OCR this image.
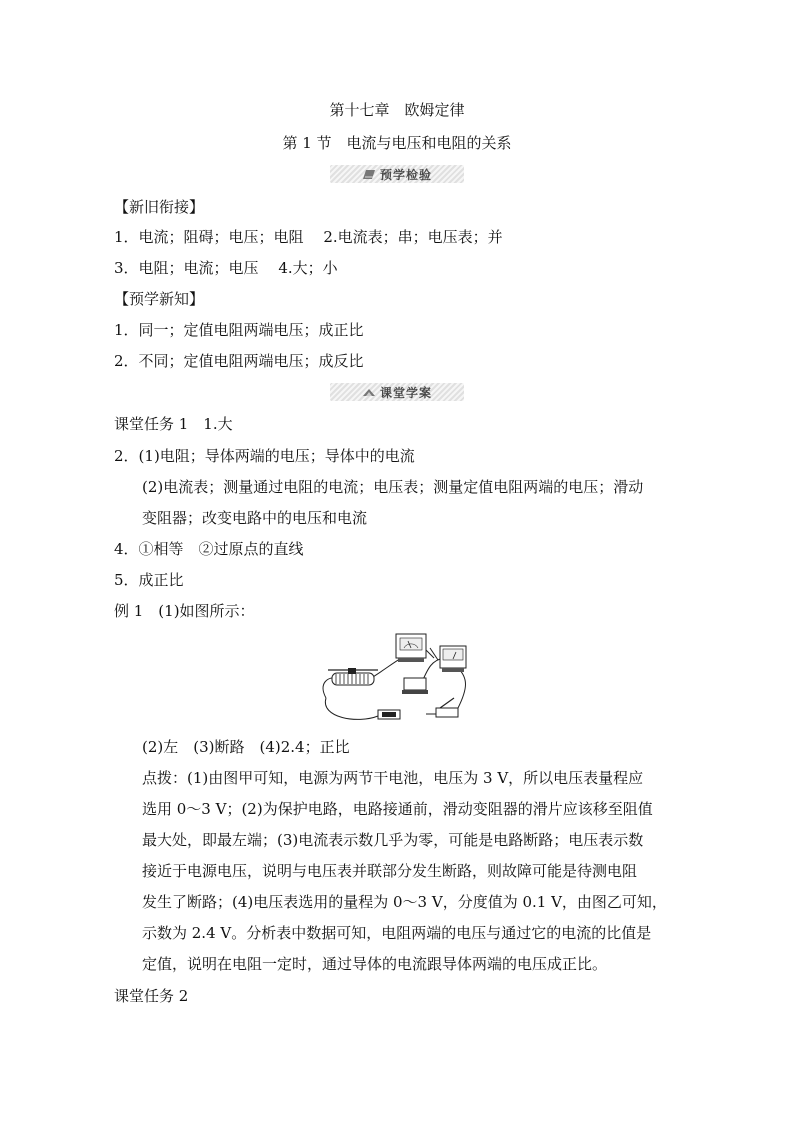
第十七章　欧姆定律
第 1 节　电流与电压和电阻的关系
预学检验
【新旧衔接】
1．电流；阻碍；电压；电阻　 2.电流表；串；电压表；并
3．电阻；电流；电压　 4.大；小
【预学新知】
1．同一；定值电阻两端电压；成正比
2．不同；定值电阻两端电压；成反比
课堂学案
课堂任务 1　1.大
2．(1)电阻；导体两端的电压；导体中的电流
(2)电流表；测量通过电阻的电流；电压表；测量定值电阻两端的电压；滑动
变阻器；改变电路中的电压和电流
4．①相等　②过原点的直线
5．成正比
例 1　(1)如图所示：
(2)左　(3)断路　(4)2.4；正比
点拨：(1)由图甲可知，电源为两节干电池，电压为 3 V，所以电压表量程应
选用 0～3 V；(2)为保护电路，电路接通前，滑动变阻器的滑片应该移至阻值
最大处，即最左端；(3)电流表示数几乎为零，可能是电路断路；电压表示数
接近于电源电压，说明与电压表并联部分发生断路，则故障可能是待测电阻
发生了断路；(4)电压表选用的量程为 0～3 V，分度值为 0.1 V，由图乙可知，
示数为 2.4 V。分析表中数据可知，电阻两端的电压与通过它的电流的比值是
定值，说明在电阻一定时，通过导体的电流跟导体两端的电压成正比。
课堂任务 2
